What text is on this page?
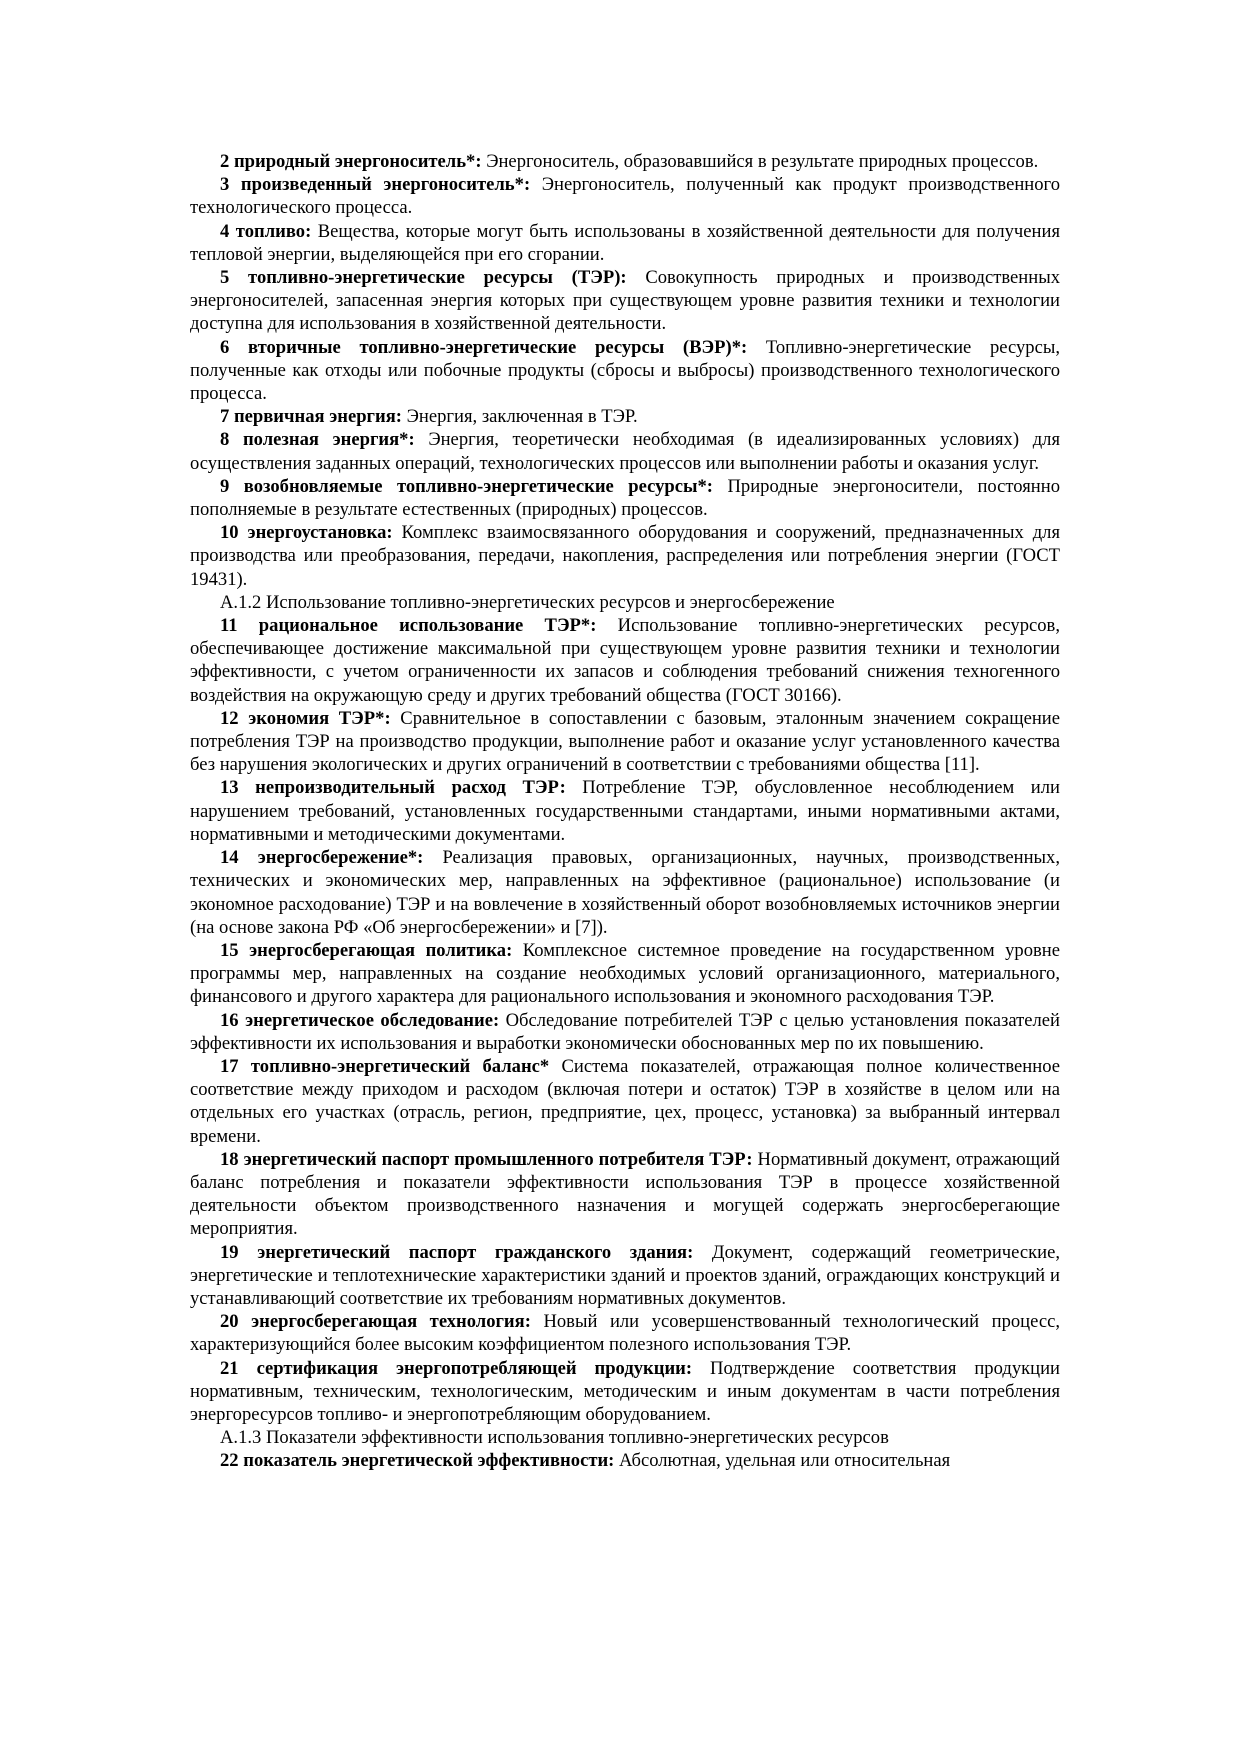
2 природный энергоноситель*: Энергоноситель, образовавшийся в результате природных процессов.

3 произведенный энергоноситель*: Энергоноситель, полученный как продукт производственного технологического процесса.

4 топливо: Вещества, которые могут быть использованы в хозяйственной деятельности для получения тепловой энергии, выделяющейся при его сгорании.

5 топливно-энергетические ресурсы (ТЭР): Совокупность природных и производственных энергоносителей, запасенная энергия которых при существующем уровне развития техники и технологии доступна для использования в хозяйственной деятельности.

6 вторичные топливно-энергетические ресурсы (ВЭР)*: Топливно-энергетические ресурсы, полученные как отходы или побочные продукты (сбросы и выбросы) производственного технологического процесса.

7 первичная энергия: Энергия, заключенная в ТЭР.

8 полезная энергия*: Энергия, теоретически необходимая (в идеализированных условиях) для осуществления заданных операций, технологических процессов или выполнении работы и оказания услуг.

9 возобновляемые топливно-энергетические ресурсы*: Природные энергоносители, постоянно пополняемые в результате естественных (природных) процессов.

10 энергоустановка: Комплекс взаимосвязанного оборудования и сооружений, предназначенных для производства или преобразования, передачи, накопления, распределения или потребления энергии (ГОСТ 19431).

А.1.2 Использование топливно-энергетических ресурсов и энергосбережение

11 рациональное использование ТЭР*: Использование топливно-энергетических ресурсов, обеспечивающее достижение максимальной при существующем уровне развития техники и технологии эффективности, с учетом ограниченности их запасов и соблюдения требований снижения техногенного воздействия на окружающую среду и других требований общества (ГОСТ 30166).

12 экономия ТЭР*: Сравнительное в сопоставлении с базовым, эталонным значением сокращение потребления ТЭР на производство продукции, выполнение работ и оказание услуг установленного качества без нарушения экологических и других ограничений в соответствии с требованиями общества [11].

13 непроизводительный расход ТЭР: Потребление ТЭР, обусловленное несоблюдением или нарушением требований, установленных государственными стандартами, иными нормативными актами, нормативными и методическими документами.

14 энергосбережение*: Реализация правовых, организационных, научных, производственных, технических и экономических мер, направленных на эффективное (рациональное) использование (и экономное расходование) ТЭР и на вовлечение в хозяйственный оборот возобновляемых источников энергии (на основе закона РФ «Об энергосбережении» и [7]).

15 энергосберегающая политика: Комплексное системное проведение на государственном уровне программы мер, направленных на создание необходимых условий организационного, материального, финансового и другого характера для рационального использования и экономного расходования ТЭР.

16 энергетическое обследование: Обследование потребителей ТЭР с целью установления показателей эффективности их использования и выработки экономически обоснованных мер по их повышению.

17 топливно-энергетический баланс* Система показателей, отражающая полное количественное соответствие между приходом и расходом (включая потери и остаток) ТЭР в хозяйстве в целом или на отдельных его участках (отрасль, регион, предприятие, цех, процесс, установка) за выбранный интервал времени.

18 энергетический паспорт промышленного потребителя ТЭР: Нормативный документ, отражающий баланс потребления и показатели эффективности использования ТЭР в процессе хозяйственной деятельности объектом производственного назначения и могущей содержать энергосберегающие мероприятия.

19 энергетический паспорт гражданского здания: Документ, содержащий геометрические, энергетические и теплотехнические характеристики зданий и проектов зданий, ограждающих конструкций и устанавливающий соответствие их требованиям нормативных документов.

20 энергосберегающая технология: Новый или усовершенствованный технологический процесс, характеризующийся более высоким коэффициентом полезного использования ТЭР.

21 сертификация энергопотребляющей продукции: Подтверждение соответствия продукции нормативным, техническим, технологическим, методическим и иным документам в части потребления энергоресурсов топливо- и энергопотребляющим оборудованием.

А.1.3 Показатели эффективности использования топливно-энергетических ресурсов

22 показатель энергетической эффективности: Абсолютная, удельная или относительная
